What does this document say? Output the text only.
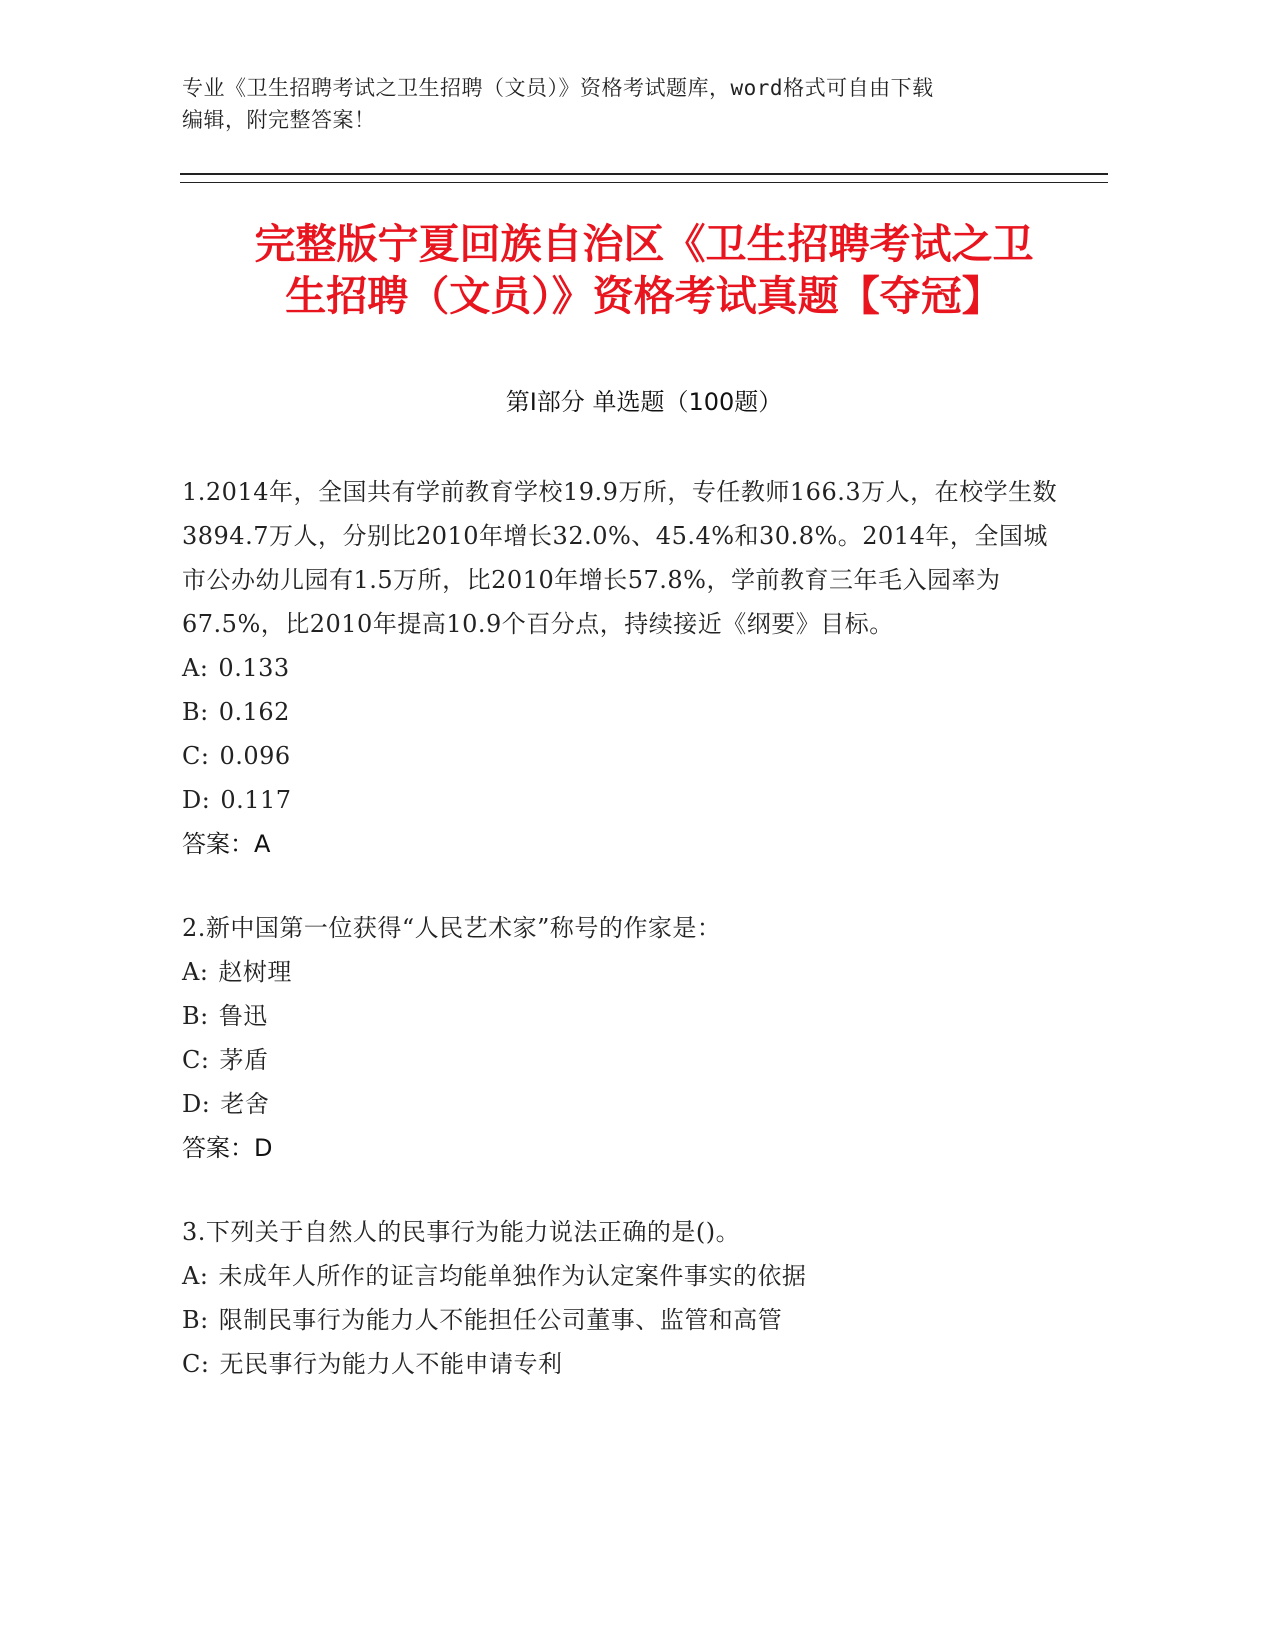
专业《卫生招聘考试之卫生招聘（文员）》资格考试题库，word格式可自由下载
编辑，附完整答案！
完整版宁夏回族自治区《卫生招聘考试之卫
生招聘（文员）》资格考试真题【夺冠】
第Ⅰ部分 单选题（100题）
1.2014年，全国共有学前教育学校19.9万所，专任教师166.3万人，在校学生数3894.7万人，分别比2010年增长32.0%、45.4%和30.8%。2014年，全国城市公办幼儿园有1.5万所，比2010年增长57.8%，学前教育三年毛入园率为67.5%，比2010年提高10.9个百分点，持续接近《纲要》目标。
A: 0.133
B: 0.162
C: 0.096
D: 0.117
答案：A
2.新中国第一位获得“人民艺术家”称号的作家是：
A: 赵树理
B: 鲁迅
C: 茅盾
D: 老舍
答案：D
3.下列关于自然人的民事行为能力说法正确的是()。
A: 未成年人所作的证言均能单独作为认定案件事实的依据
B: 限制民事行为能力人不能担任公司董事、监管和高管
C: 无民事行为能力人不能申请专利
